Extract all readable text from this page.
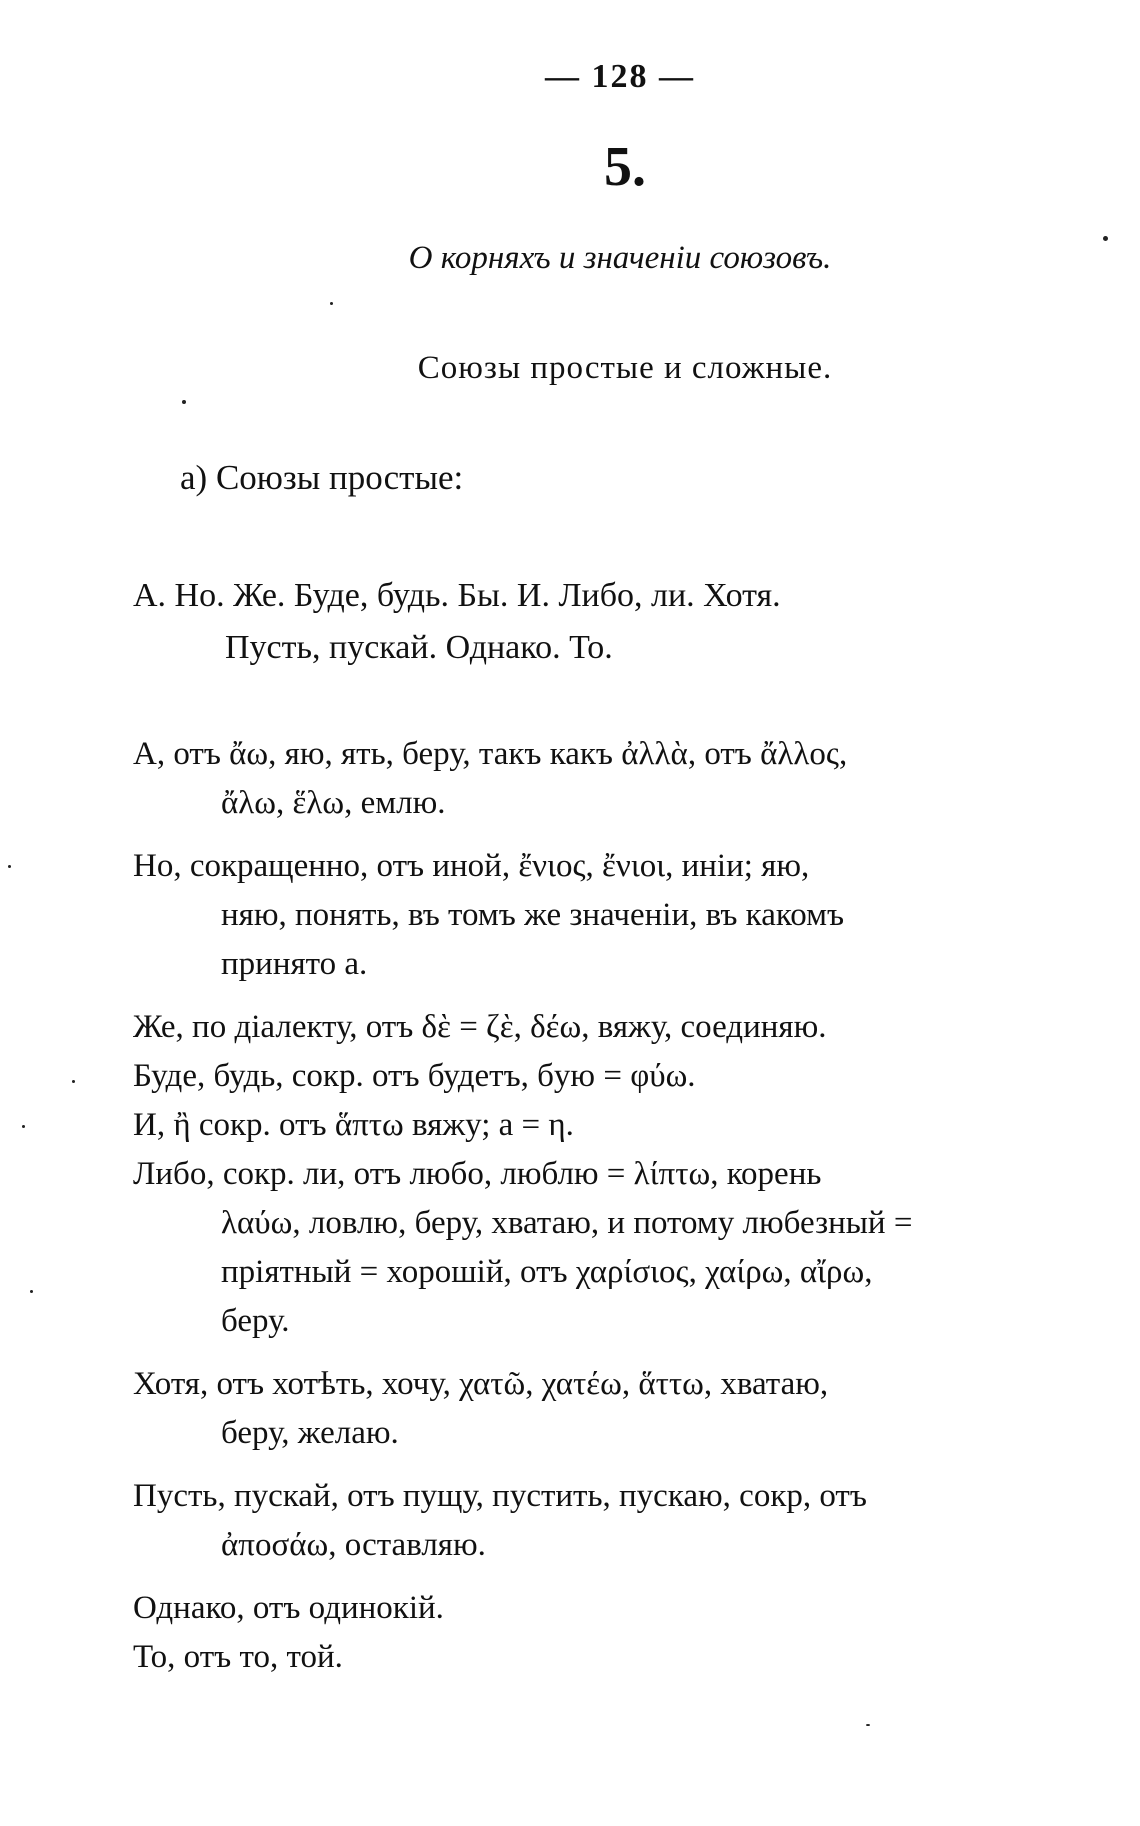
— 128 —
5.
О корняхъ и значенiи союзовъ.
Союзы простые и сложные.
а) Союзы простые:
А. Но. Же. Буде, будь. Бы. И. Либо, ли. Хотя.
Пусть, пускай. Однако. То.
А, отъ ἄω, яю, ять, беру, такъ какъ ἀλλὰ, отъ ἄλλος,
ἄλω, ἕλω, емлю.
Но, сокращенно, отъ иной, ἔνιος, ἔνιοι, инiи; яю,
няю, понять, въ томъ же значенiи, въ какомъ
принято а.
Же, по дiалекту, отъ δὲ = ζὲ, δέω, вяжу, соединяю.
Буде, будь, сокр. отъ будетъ, бyю = φύω.
И, ἢ сокр. отъ ἅπτω вяжу; а = η.
Либо, сокр. ли, отъ любо, люблю = λίπτω, корень
λαύω, ловлю, беру, хватаю, и потому любезный =
прiятный = хорошiй, отъ χαρίσιος, χαίρω, αἴρω,
беру.
Хотя, отъ хотѣть, хочу, χατῶ, χατέω, ἅττω, хватаю,
беру, желаю.
Пусть, пускай, отъ пущу, пустить, пускаю, сокр, отъ
ἀποσάω, оставляю.
Однако, отъ одинокiй.
То, отъ то, той.
